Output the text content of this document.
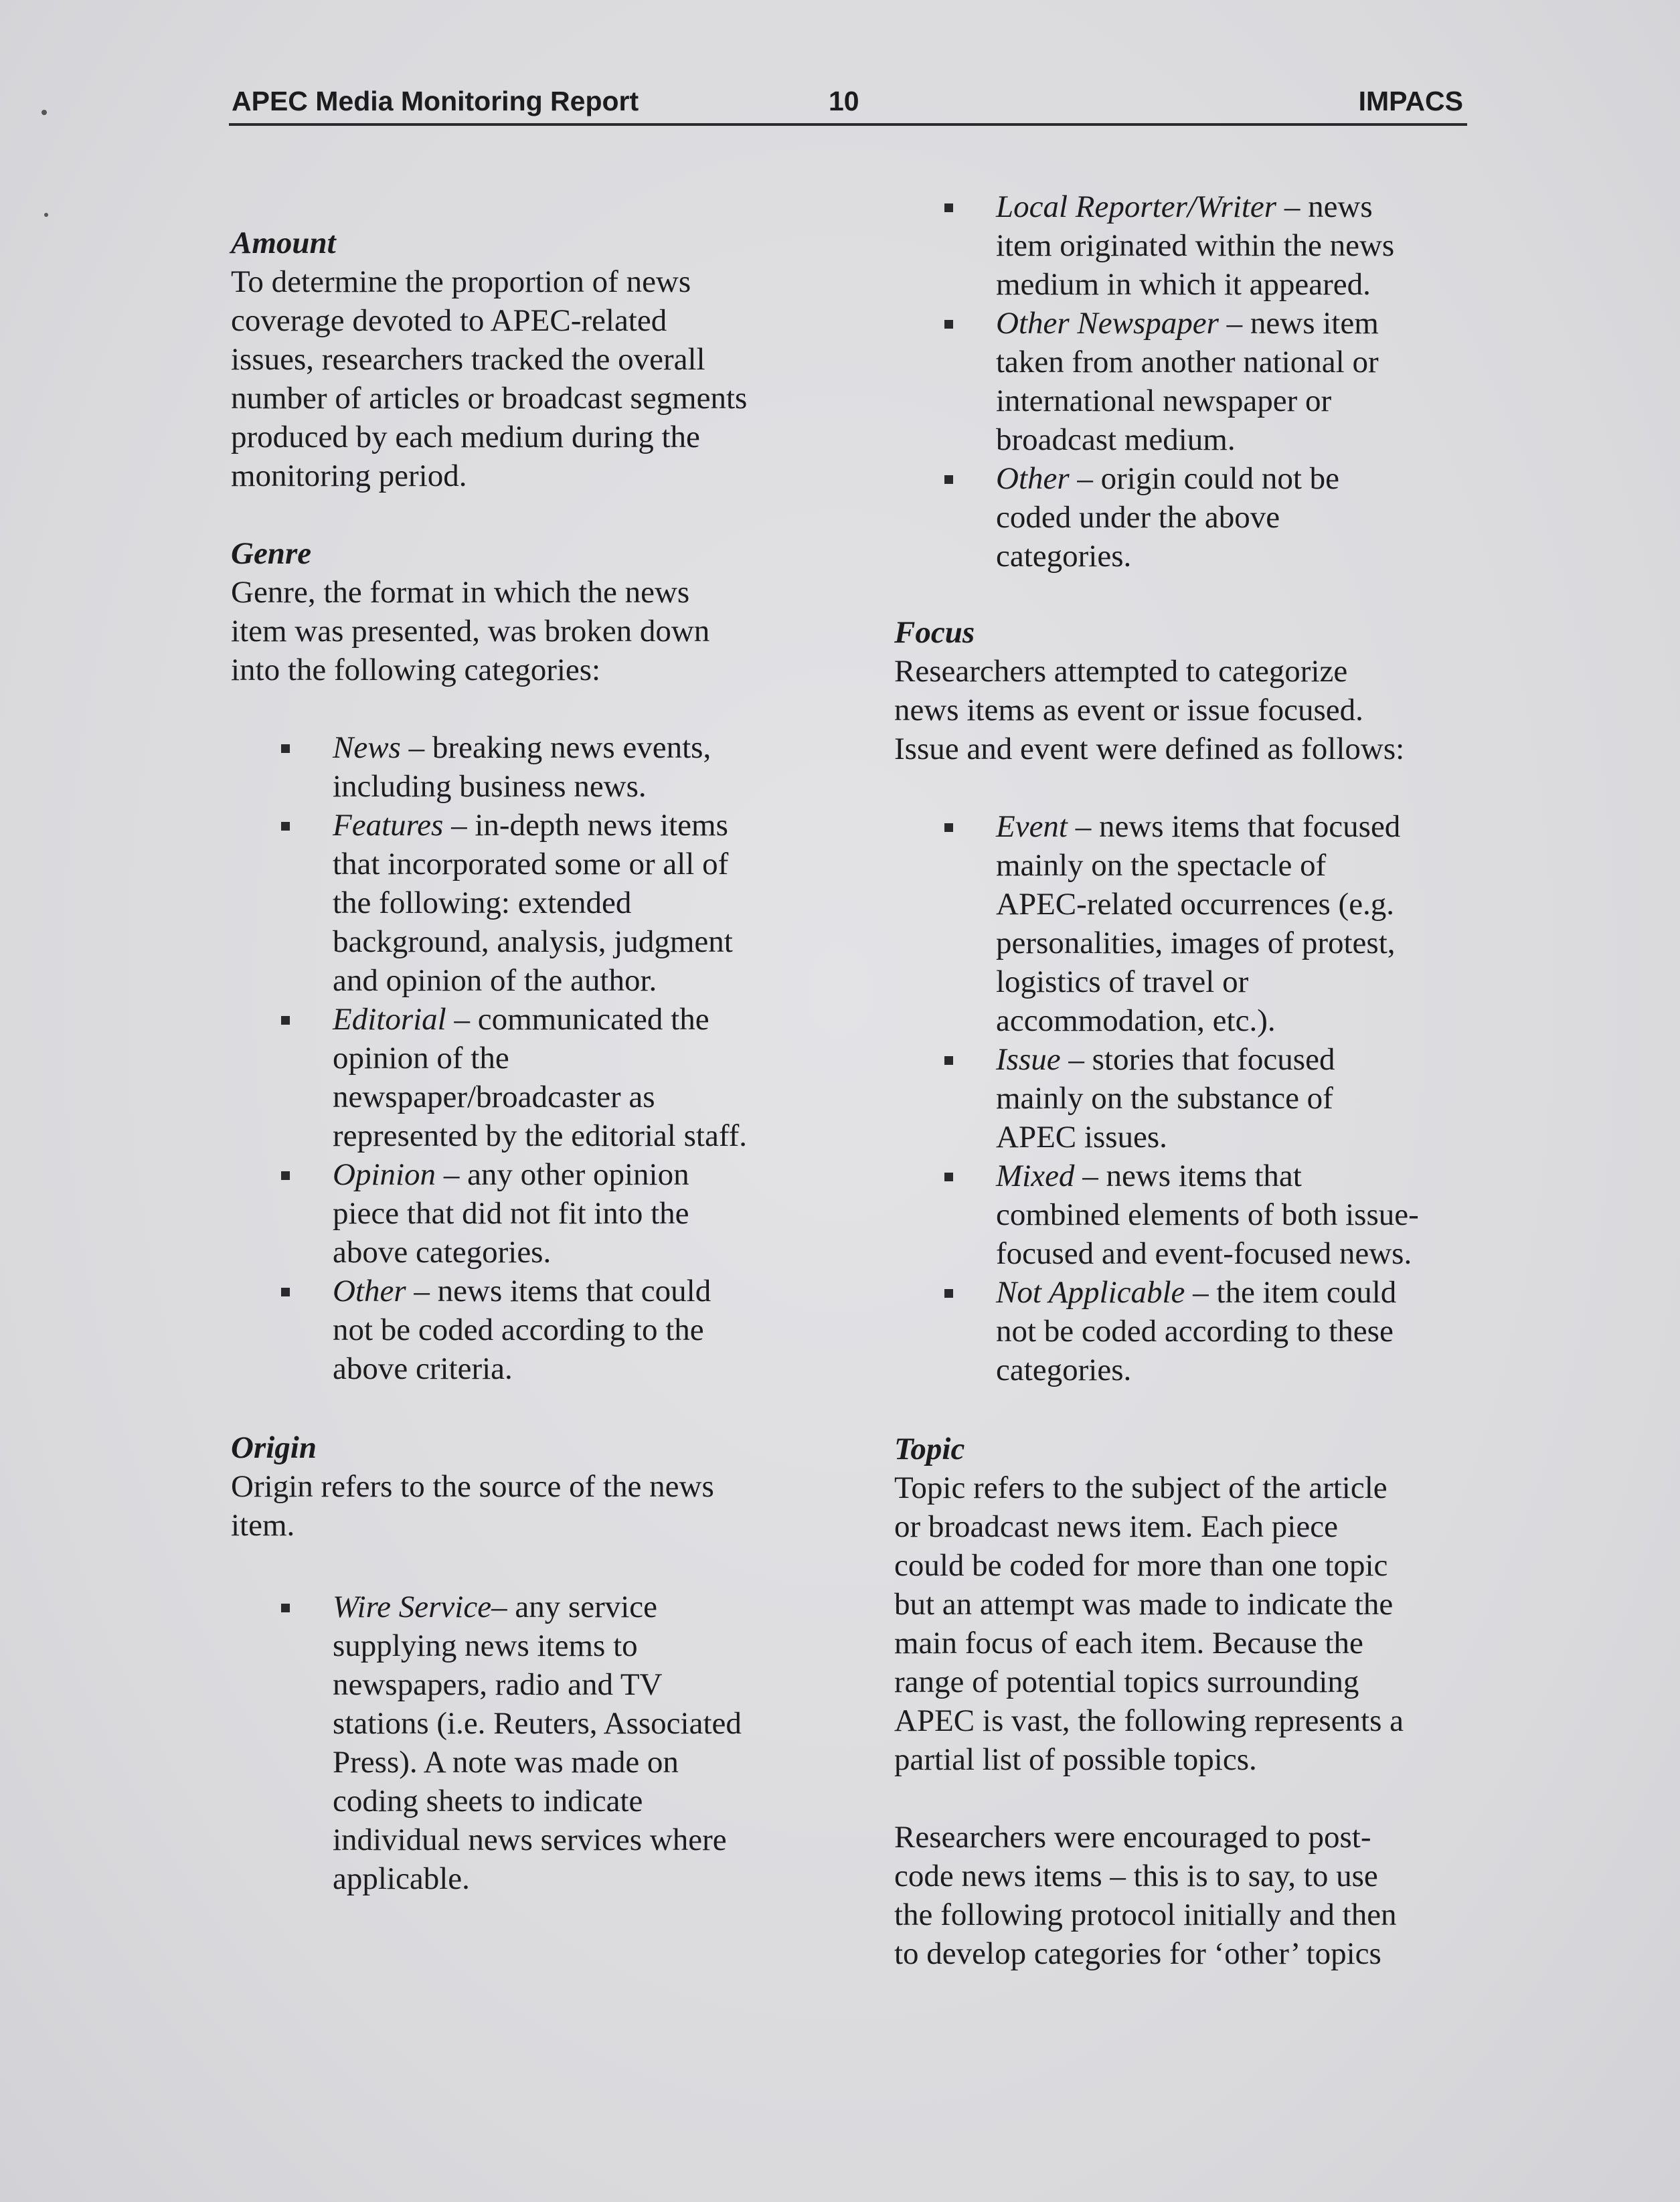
APEC Media Monitoring Report	10	IMPACS

Amount

To determine the proportion of news

coverage devoted to APEC-related

issues, researchers tracked the overall

number of articles or broadcast segments

produced by each medium during the

monitoring period.

Genre

Genre, the format in which the news

item was presented, was broken down

into the following categories:

News – breaking news events,
including business news.
Features – in-depth news items
that incorporated some or all of
the following: extended
background, analysis, judgment
and opinion of the author.
Editorial – communicated the
opinion of the
newspaper/broadcaster as
represented by the editorial staff.
Opinion – any other opinion
piece that did not fit into the
above categories.
Other – news items that could
not be coded according to the
above criteria.

Origin

Origin refers to the source of the news

item.

Wire Service– any service
supplying news items to
newspapers, radio and TV
stations (i.e. Reuters, Associated
Press). A note was made on
coding sheets to indicate
individual news services where
applicable.
Local Reporter/Writer – news
item originated within the news
medium in which it appeared.
Other Newspaper – news item
taken from another national or
international newspaper or
broadcast medium.
Other – origin could not be
coded under the above
categories.

Focus

Researchers attempted to categorize

news items as event or issue focused.

Issue and event were defined as follows:

Event – news items that focused
mainly on the spectacle of
APEC-related occurrences (e.g.
personalities, images of protest,
logistics of travel or
accommodation, etc.).
Issue – stories that focused
mainly on the substance of
APEC issues.
Mixed – news items that
combined elements of both issue-
focused and event-focused news.
Not Applicable – the item could
not be coded according to these
categories.

Topic

Topic refers to the subject of the article

or broadcast news item. Each piece

could be coded for more than one topic

but an attempt was made to indicate the

main focus of each item. Because the

range of potential topics surrounding

APEC is vast, the following represents a

partial list of possible topics.

Researchers were encouraged to post-

code news items – this is to say, to use

the following protocol initially and then

to develop categories for ‘other’ topics
